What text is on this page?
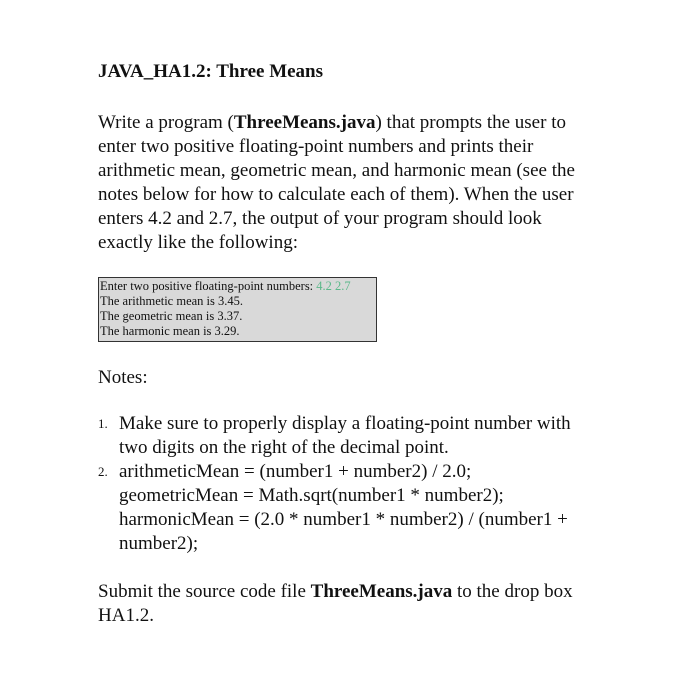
JAVA_HA1.2: Three Means

Write a program (ThreeMeans.java) that prompts the user to enter two positive floating-point numbers and prints their arithmetic mean, geometric mean, and harmonic mean (see the notes below for how to calculate each of them). When the user enters 4.2 and 2.7, the output of your program should look exactly like the following:

Enter two positive floating-point numbers: 4.2 2.7
The arithmetic mean is 3.45.
The geometric mean is 3.37.
The harmonic mean is 3.29.

Notes:

1. Make sure to properly display a floating-point number with two digits on the right of the decimal point.
2. arithmeticMean = (number1 + number2) / 2.0;
geometricMean = Math.sqrt(number1 * number2);
harmonicMean = (2.0 * number1 * number2) / (number1 + number2);

Submit the source code file ThreeMeans.java to the drop box HA1.2.
